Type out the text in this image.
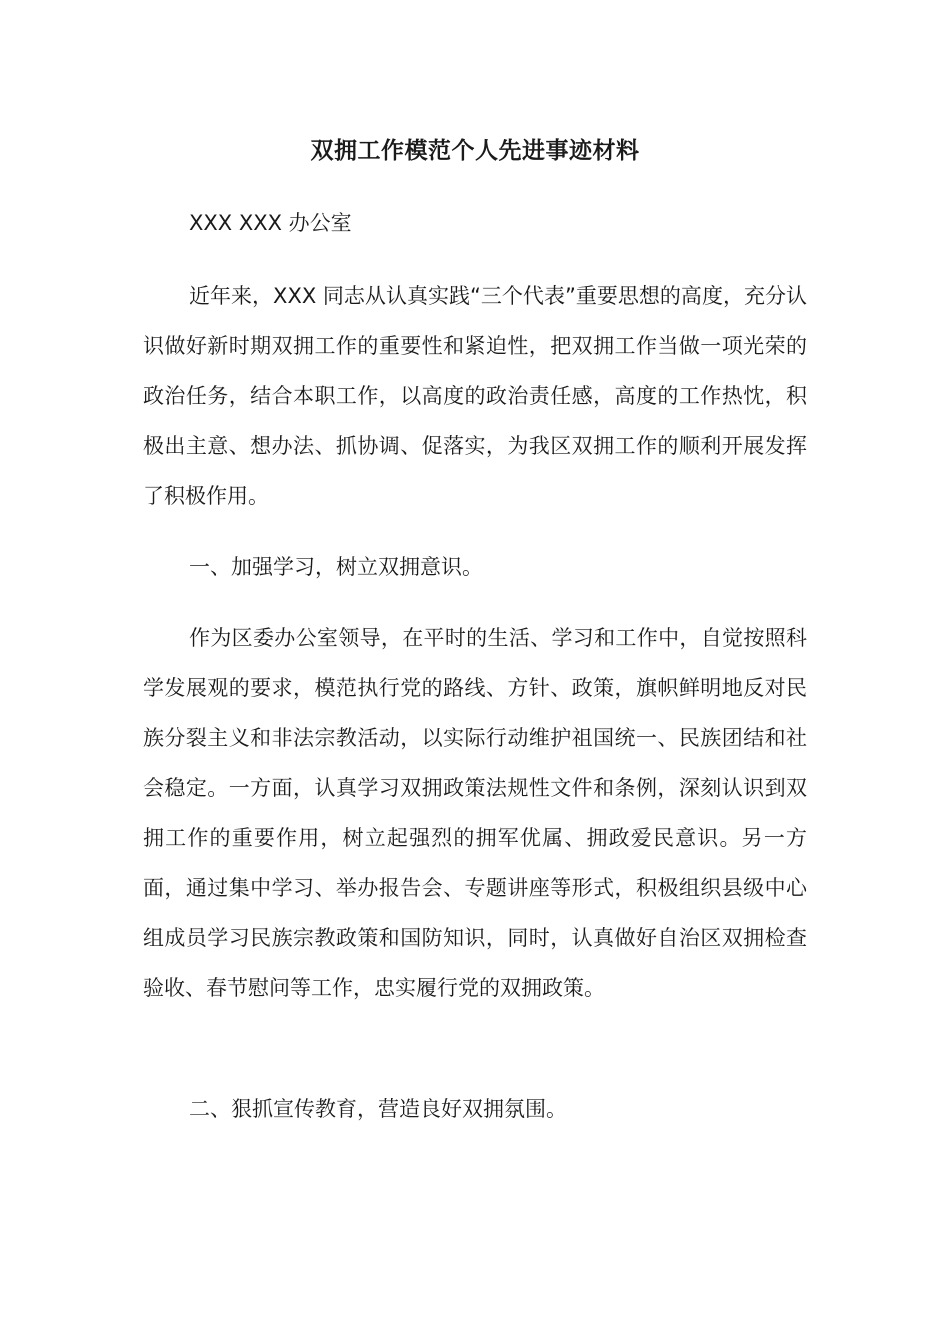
双拥工作模范个人先进事迹材料
XXX XXX 办公室

近年来，XXX 同志从认真实践“三个代表”重要思想的高度，充分认识做好新时期双拥工作的重要性和紧迫性，把双拥工作当做一项光荣的政治任务，结合本职工作，以高度的政治责任感，高度的工作热忱，积极出主意、想办法、抓协调、促落实，为我区双拥工作的顺利开展发挥了积极作用。

一、加强学习，树立双拥意识。

作为区委办公室领导，在平时的生活、学习和工作中，自觉按照科学发展观的要求，模范执行党的路线、方针、政策，旗帜鲜明地反对民族分裂主义和非法宗教活动，以实际行动维护祖国统一、民族团结和社会稳定。一方面，认真学习双拥政策法规性文件和条例，深刻认识到双拥工作的重要作用，树立起强烈的拥军优属、拥政爱民意识。另一方面，通过集中学习、举办报告会、专题讲座等形式，积极组织县级中心组成员学习民族宗教政策和国防知识，同时，认真做好自治区双拥检查验收、春节慰问等工作，忠实履行党的双拥政策。

二、狠抓宣传教育，营造良好双拥氛围。
